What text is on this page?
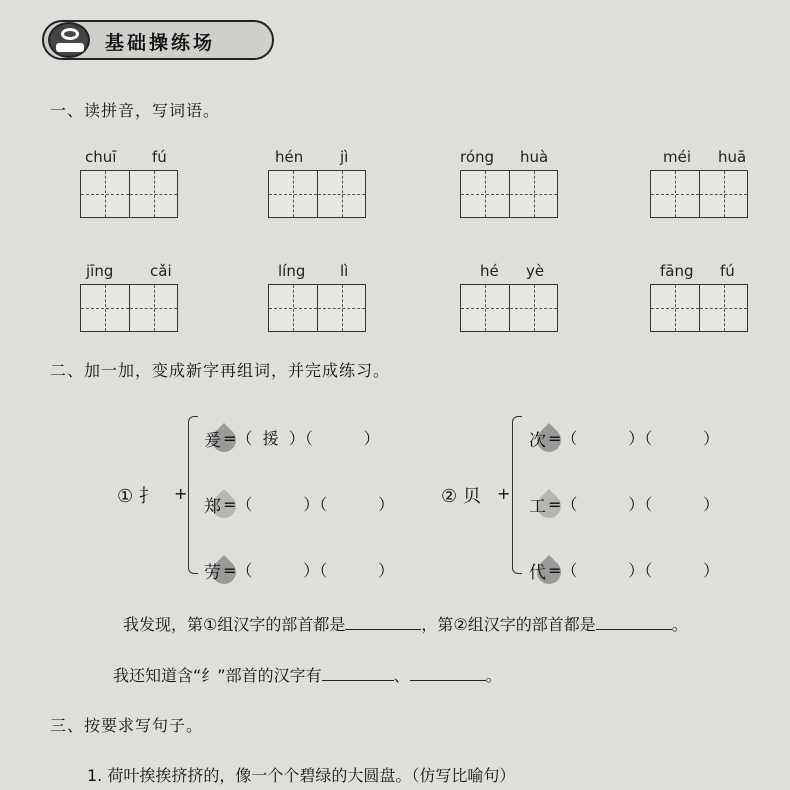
基础操练场
一、读拼音，写词语。
chuī fú	hén jì	róng huà	méi huā
jīng cǎi	líng lì	hé yè	fāng fú
二、加一加，变成新字再组词，并完成练习。
① 扌 +	② 贝 +
爰 =（  援  ）（          ）
郑 =（          ）（          ）
劳 =（          ）（          ）
次 =（          ）（          ）
工 =（          ）（          ）
代 =（          ）（          ）
我发现，第①组汉字的部首都是	，第②组汉字的部首都是	。
我还知道含“纟”部首的汉字有	、	。
三、按要求写句子。
1. 荷叶挨挨挤挤的，像一个个碧绿的大圆盘。（仿写比喻句）
